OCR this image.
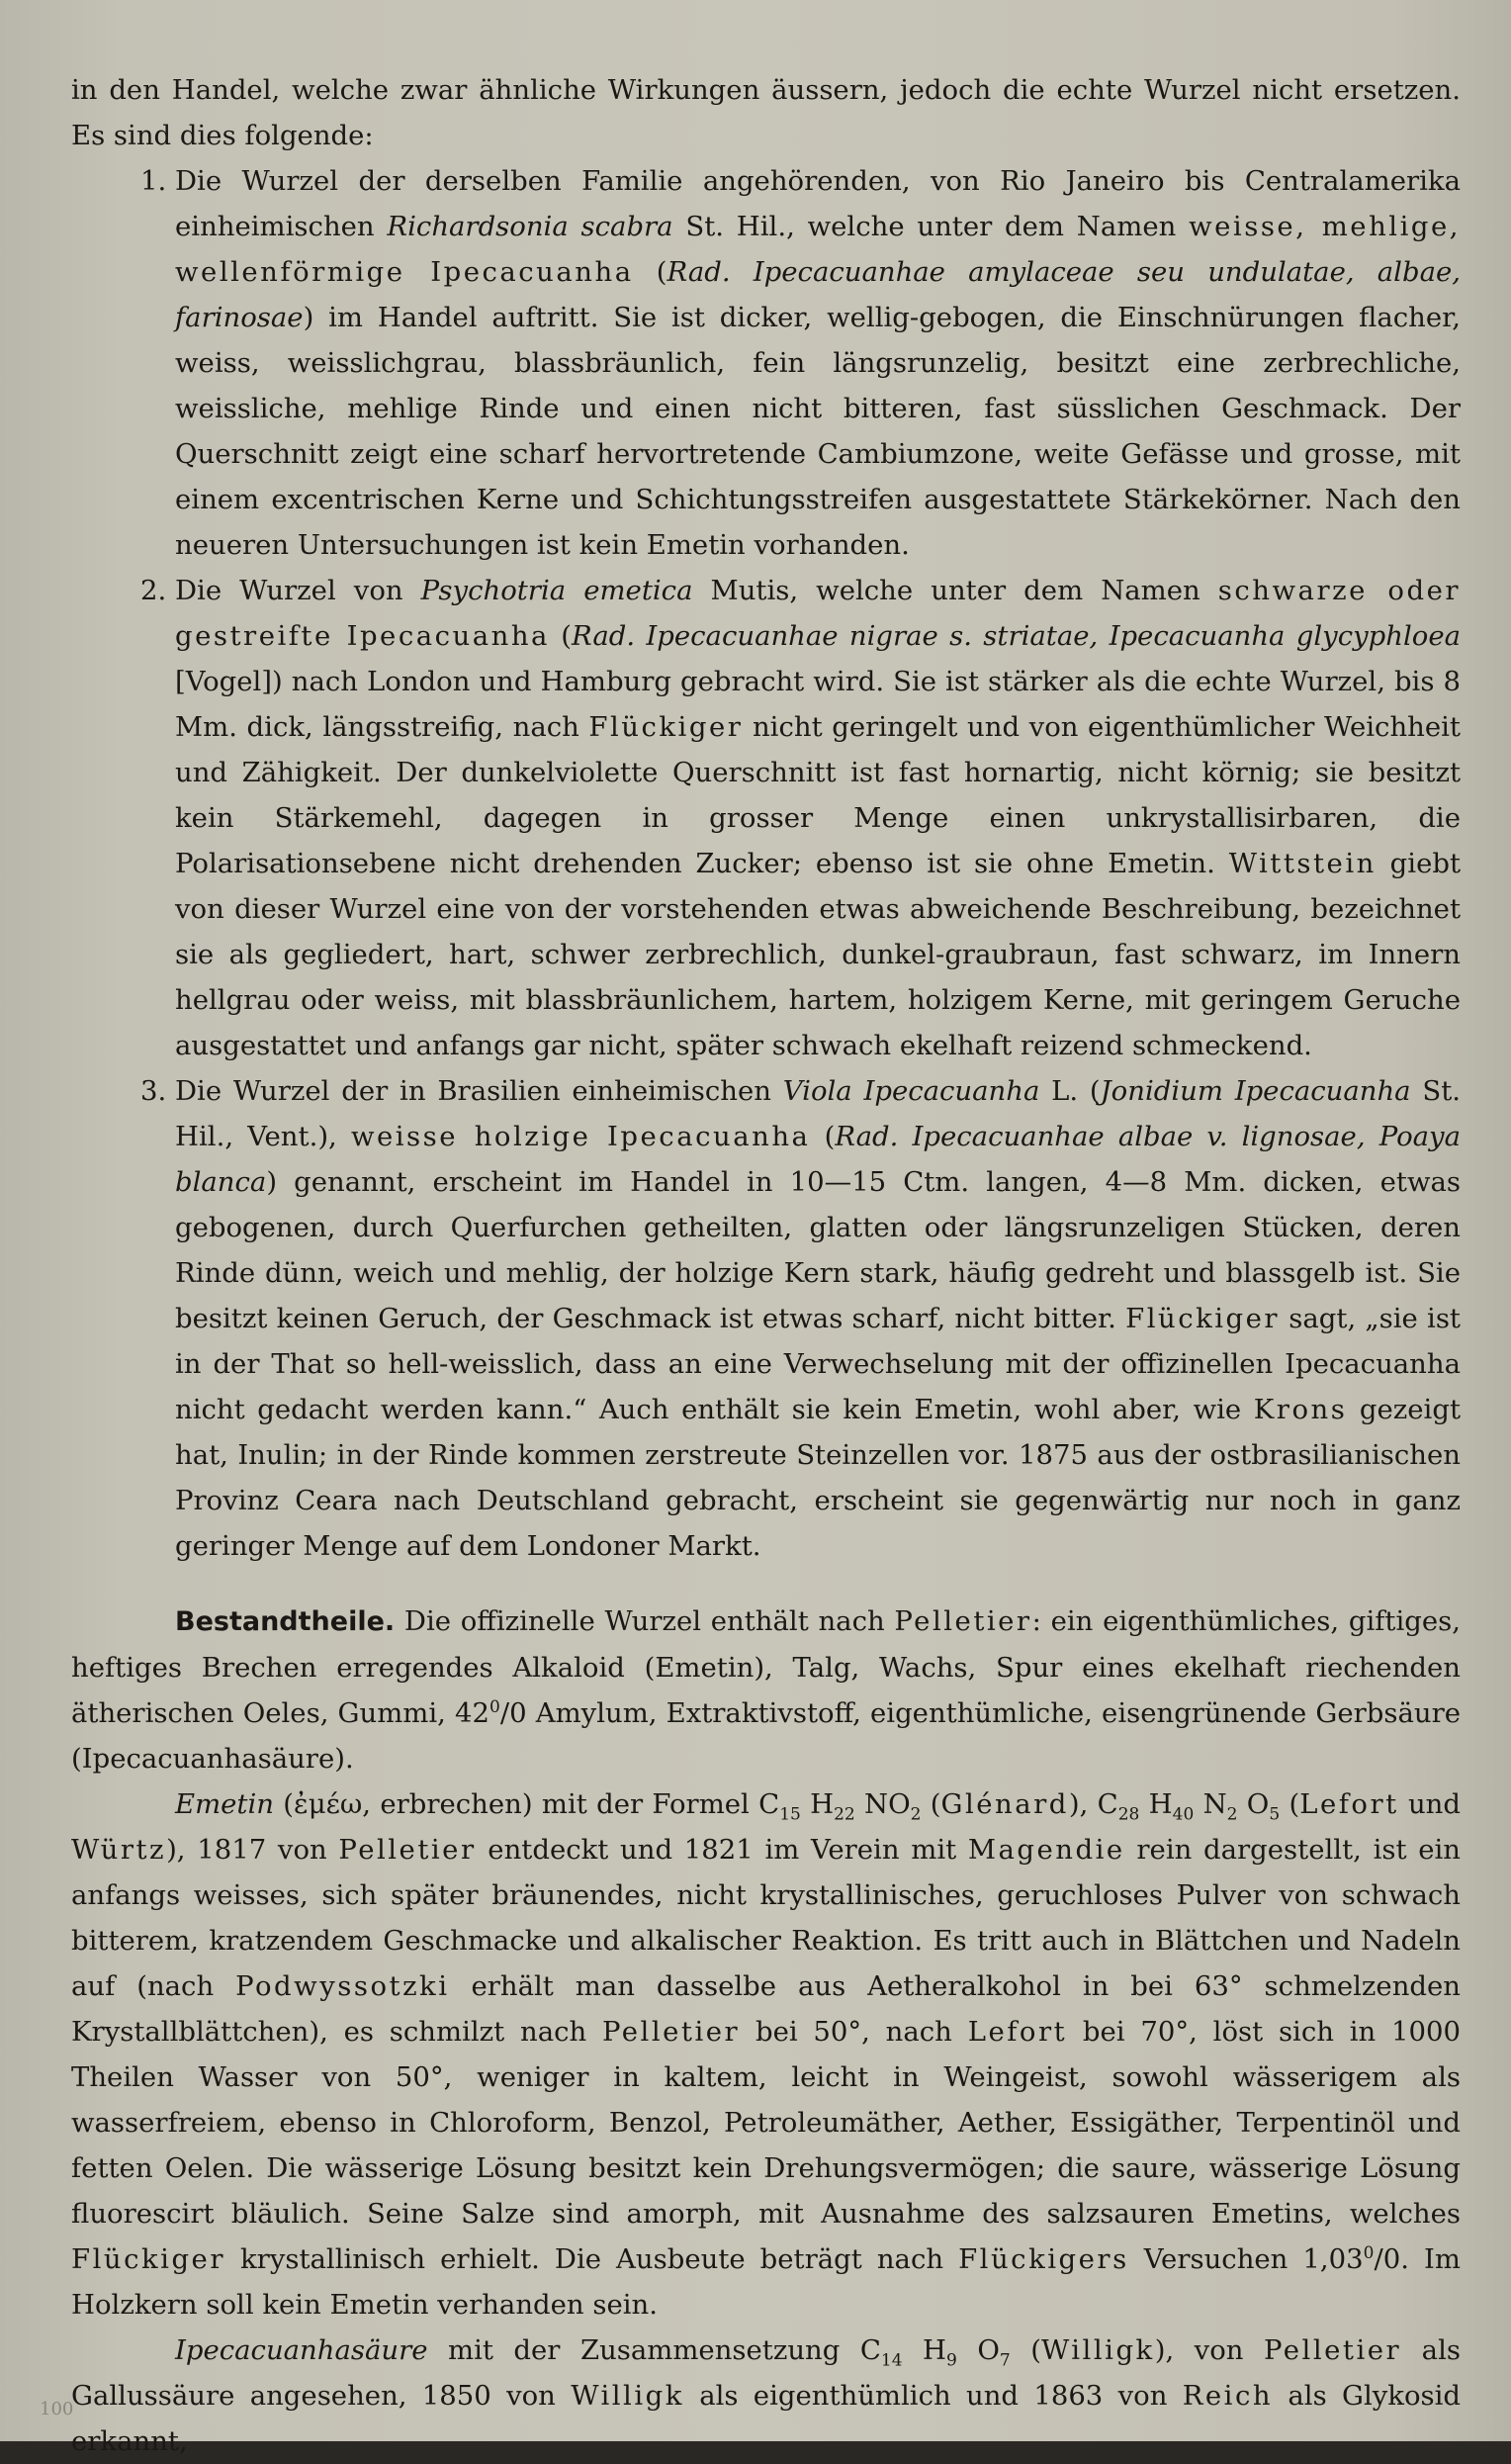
in den Handel, welche zwar ähnliche Wirkungen äussern, jedoch die echte Wurzel nicht ersetzen. Es sind dies folgende:

1. Die Wurzel der derselben Familie angehörenden, von Rio Janeiro bis Centralamerika einheimischen Richardsonia scabra St. Hil., welche unter dem Namen weisse, mehlige, wellenförmige Ipecacuanha (Rad. Ipecacuanhae amylaceae seu undulatae, albae, farinosae) im Handel auftritt. Sie ist dicker, wellig-gebogen, die Einschnürungen flacher, weiss, weisslichgrau, blassbräunlich, fein längsrunzelig, besitzt eine zerbrechliche, weissliche, mehlige Rinde und einen nicht bitteren, fast süsslichen Geschmack. Der Querschnitt zeigt eine scharf hervortretende Cambiumzone, weite Gefässe und grosse, mit einem excentrischen Kerne und Schichtungsstreifen ausgestattete Stärkekörner. Nach den neueren Untersuchungen ist kein Emetin vorhanden.

2. Die Wurzel von Psychotria emetica Mutis, welche unter dem Namen schwarze oder gestreifte Ipecacuanha (Rad. Ipecacuanhae nigrae s. striatae, Ipecacuanha glycyphloea [Vogel]) nach London und Hamburg gebracht wird. Sie ist stärker als die echte Wurzel, bis 8 Mm. dick, längsstreifig, nach Flückiger nicht geringelt und von eigenthümlicher Weichheit und Zähigkeit. Der dunkelviolette Querschnitt ist fast hornartig, nicht körnig; sie besitzt kein Stärkemehl, dagegen in grosser Menge einen unkrystallisirbaren, die Polarisationsebene nicht drehenden Zucker; ebenso ist sie ohne Emetin. Wittstein giebt von dieser Wurzel eine von der vorstehenden etwas abweichende Beschreibung, bezeichnet sie als gegliedert, hart, schwer zerbrechlich, dunkel-graubraun, fast schwarz, im Innern hellgrau oder weiss, mit blassbräunlichem, hartem, holzigem Kerne, mit geringem Geruche ausgestattet und anfangs gar nicht, später schwach ekelhaft reizend schmeckend.

3. Die Wurzel der in Brasilien einheimischen Viola Ipecacuanha L. (Jonidium Ipecacuanha St. Hil., Vent.), weisse holzige Ipecacuanha (Rad. Ipecacuanhae albae v. lignosae, Poaya blanca) genannt, erscheint im Handel in 10—15 Ctm. langen, 4—8 Mm. dicken, etwas gebogenen, durch Querfurchen getheilten, glatten oder längsrunzeligen Stücken, deren Rinde dünn, weich und mehlig, der holzige Kern stark, häufig gedreht und blassgelb ist. Sie besitzt keinen Geruch, der Geschmack ist etwas scharf, nicht bitter. Flückiger sagt, „sie ist in der That so hell-weisslich, dass an eine Verwechselung mit der offizinellen Ipecacuanha nicht gedacht werden kann.“ Auch enthält sie kein Emetin, wohl aber, wie Krons gezeigt hat, Inulin; in der Rinde kommen zerstreute Steinzellen vor. 1875 aus der ostbrasilianischen Provinz Ceara nach Deutschland gebracht, erscheint sie gegenwärtig nur noch in ganz geringer Menge auf dem Londoner Markt.

Bestandtheile. Die offizinelle Wurzel enthält nach Pelletier: ein eigenthümliches, giftiges, heftiges Brechen erregendes Alkaloid (Emetin), Talg, Wachs, Spur eines ekelhaft riechenden ätherischen Oeles, Gummi, $42^0/0$ Amylum, Extraktivstoff, eigenthümliche, eisengrünende Gerbsäure (Ipecacuanhasäure).

Emetin (ἐμέω, erbrechen) mit der Formel $C_{15}$ $H_{22}$ $NO_2$ (Glénard), $C_{28}$ $H_{40}$ $N_2$ $O_5$ (Lefort und Würtz), 1817 von Pelletier entdeckt und 1821 im Verein mit Magendie rein dargestellt, ist ein anfangs weisses, sich später bräunendes, nicht krystallinisches, geruchloses Pulver von schwach bitterem, kratzendem Geschmacke und alkalischer Reaktion. Es tritt auch in Blättchen und Nadeln auf (nach Podwyssotzki erhält man dasselbe aus Aetheralkohol in bei 63° schmelzenden Krystallblättchen), es schmilzt nach Pelletier bei 50°, nach Lefort bei 70°, löst sich in 1000 Theilen Wasser von 50°, weniger in kaltem, leicht in Weingeist, sowohl wässerigem als wasserfreiem, ebenso in Chloroform, Benzol, Petroleumäther, Aether, Essigäther, Terpentinöl und fetten Oelen. Die wässerige Lösung besitzt kein Drehungsvermögen; die saure, wässerige Lösung fluorescirt bläulich. Seine Salze sind amorph, mit Ausnahme des salzsauren Emetins, welches Flückiger krystallinisch erhielt. Die Ausbeute beträgt nach Flückigers Versuchen 1,03$^0$/0. Im Holzkern soll kein Emetin verhanden sein.

Ipecacuanhasäure mit der Zusammensetzung $C_{14}$ $H_9$ $O_7$ (Willigk), von Pelletier als Gallussäure angesehen, 1850 von Willigk als eigenthümlich und 1863 von Reich als Glykosid erkannt,

100
